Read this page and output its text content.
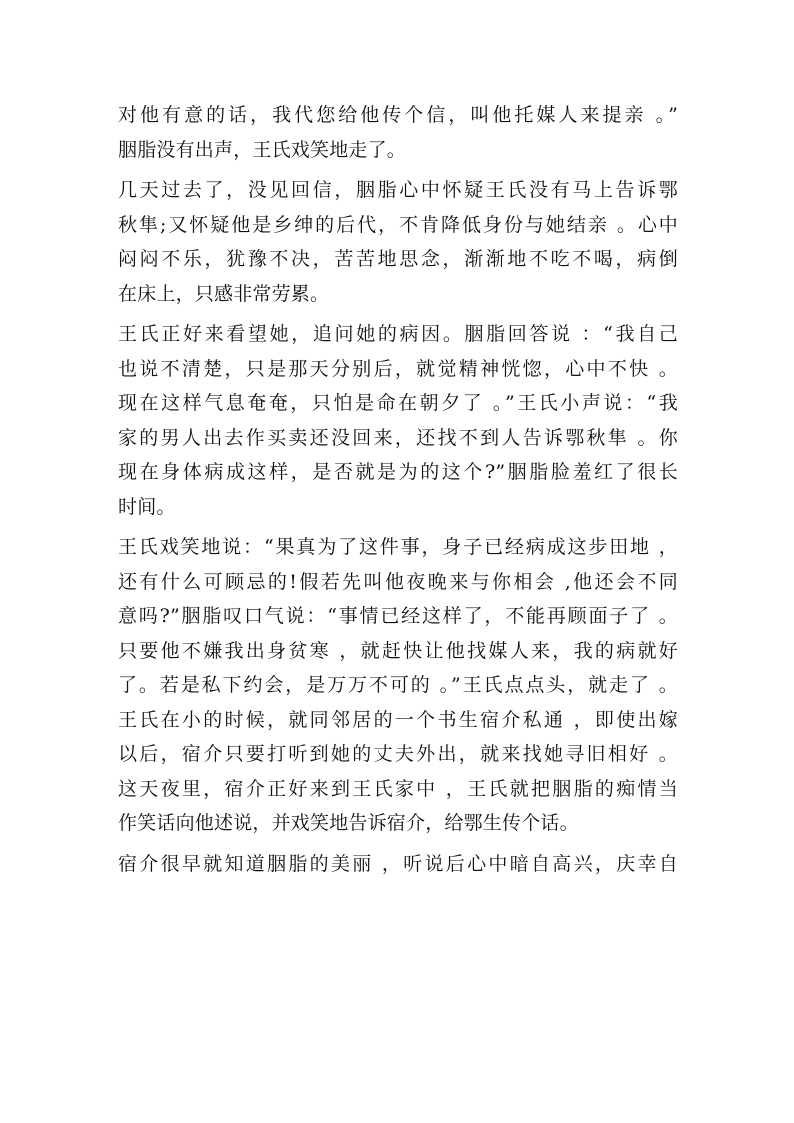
对他有意的话，我代您给他传个信，叫他托媒人来提亲 。”
胭脂没有出声，王氏戏笑地走了。
几天过去了，没见回信，胭脂心中怀疑王氏没有马上告诉鄂
秋隼;又怀疑他是乡绅的后代，不肯降低身份与她结亲 。心中
闷闷不乐，犹豫不决，苦苦地思念，渐渐地不吃不喝，病倒
在床上，只感非常劳累。
王氏正好来看望她，追问她的病因。胭脂回答说 ：“我自己
也说不清楚，只是那天分别后，就觉精神恍惚，心中不快 。
现在这样气息奄奄，只怕是命在朝夕了 。”王氏小声说：“我
家的男人出去作买卖还没回来，还找不到人告诉鄂秋隼 。你
现在身体病成这样，是否就是为的这个?”胭脂脸羞红了很长
时间。
王氏戏笑地说：“果真为了这件事，身子已经病成这步田地 ，
还有什么可顾忌的!假若先叫他夜晚来与你相会 ,他还会不同
意吗?”胭脂叹口气说：“事情已经这样了，不能再顾面子了 。
只要他不嫌我出身贫寒 ，就赶快让他找媒人来，我的病就好
了。若是私下约会，是万万不可的 。”王氏点点头，就走了 。
王氏在小的时候，就同邻居的一个书生宿介私通 ，即使出嫁
以后，宿介只要打听到她的丈夫外出，就来找她寻旧相好 。
这天夜里，宿介正好来到王氏家中 ，王氏就把胭脂的痴情当
作笑话向他述说，并戏笑地告诉宿介，给鄂生传个话。
宿介很早就知道胭脂的美丽 ，听说后心中暗自高兴，庆幸自
